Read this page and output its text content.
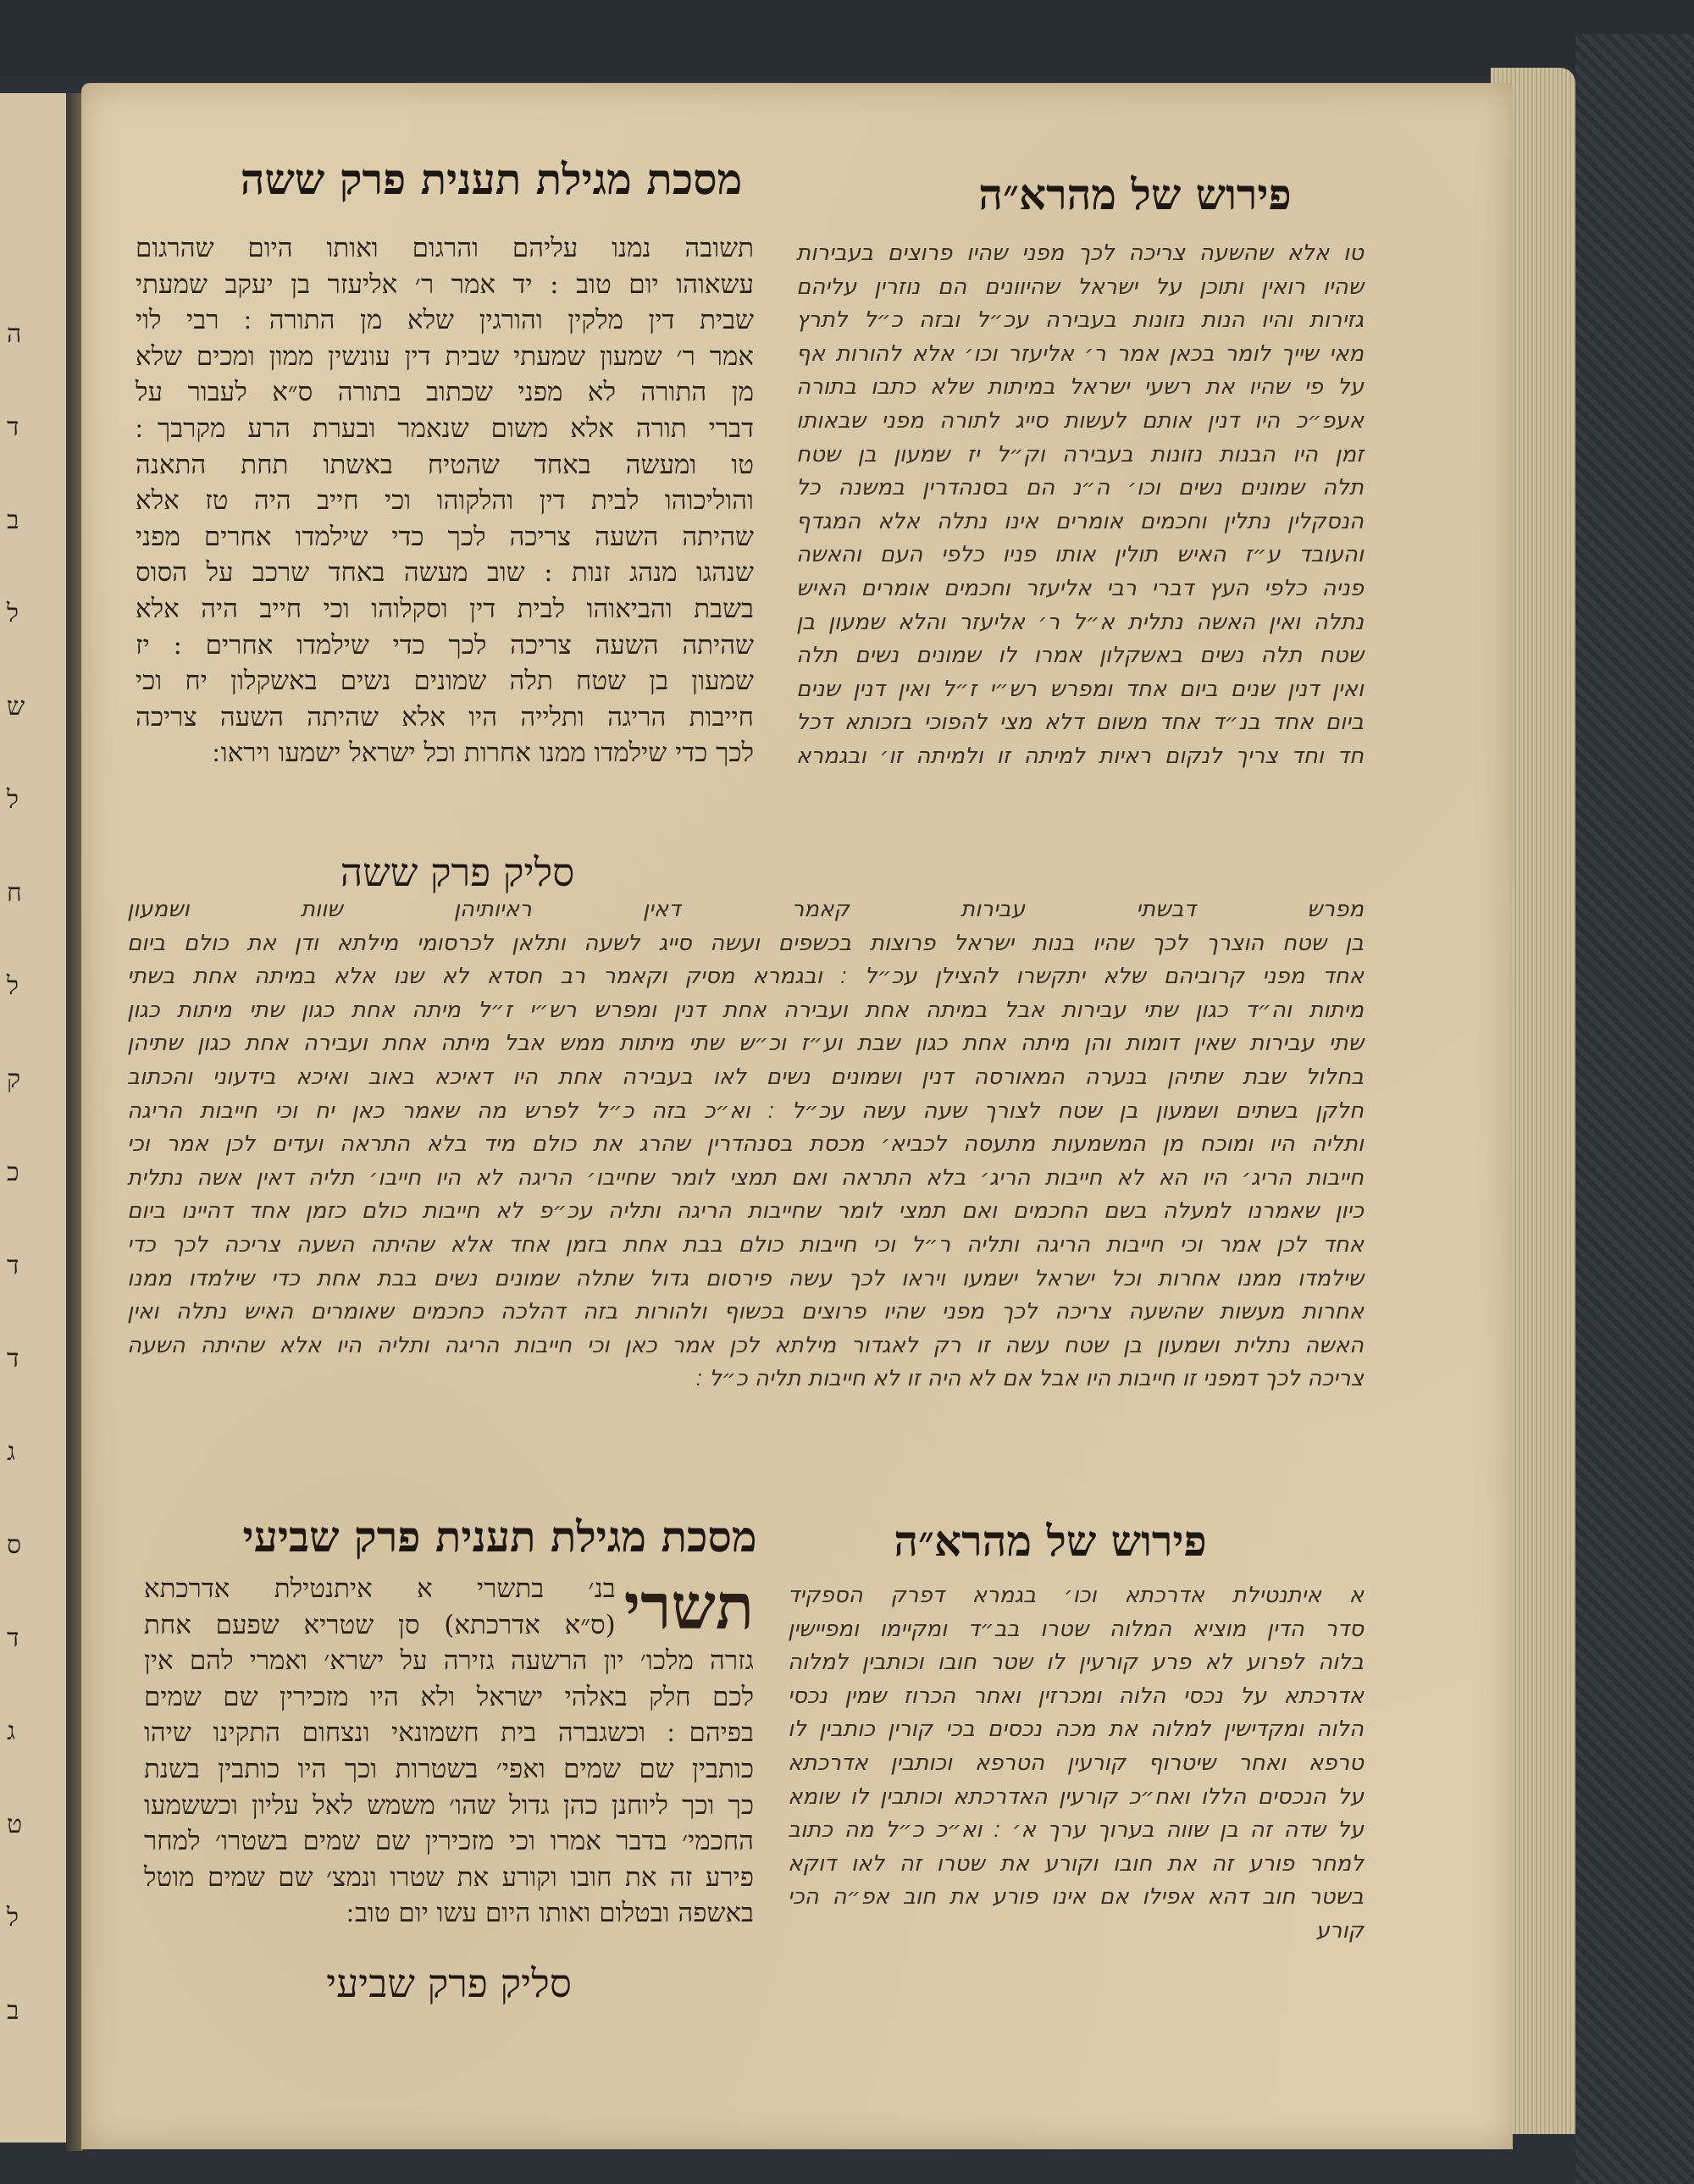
ה
ד
ב
ל
ש
ל
ח
ל
ק
כ
ד
ד
ג
ס
ד
ג
ט
ל
ב
פירוש של מהרא״ה
מסכת מגילת תענית פרק ששה

תשובה נמנו עליהם והרגום ואותו היום שהרגום

עשאוהו יום טוב : יד אמר ר׳ אליעזר בן יעקב שמעתי

שבית דין מלקין והורגין שלא מן התורה ׃ רבי לוי

אמר ר׳ שמעון שמעתי שבית דין עונשין ממון ומכים שלא

מן התורה לא מפני שכתוב בתורה ס״א לעבור על

דברי תורה אלא משום שנאמר ובערת הרע מקרבך ׃

טו ומעשה באחד שהטיח באשתו תחת התאנה

והוליכוהו לבית דין והלקוהו וכי חייב היה טז אלא

שהיתה השעה צריכה לכך כדי שילמדו אחרים מפני

שנהגו מנהג זנות : שוב מעשה באחד שרכב על הסוס

בשבת והביאוהו לבית דין וסקלוהו וכי חייב היה אלא

שהיתה השעה צריכה לכך כדי שילמדו אחרים : יז

שמעון בן שטח תלה שמונים נשים באשקלון יח וכי

חייבות הריגה ותלייה היו אלא שהיתה השעה צריכה

לכך כדי שילמדו ממנו אחרות וכל ישראל ישמעו ויראו ׃

סליק פרק ששה

טו אלא שהשעה צריכה לכך מפני שהיו פרוצים בעבירות

שהיו רואין ותוכן על ישראל שהיוונים הם נוזרין עליהם

גזירות והיו הנות נזונות בעבירה עכ״ל ובזה כ״ל לתרץ

מאי שייך לומר בכאן אמר ר׳ אליעזר וכו׳ אלא להורות אף

על פי שהיו את רשעי ישראל במיתות שלא כתבו בתורה

אעפ״כ היו דנין אותם לעשות סייג לתורה מפני שבאותו

זמן היו הבנות נזונות בעבירה וק״ל יז שמעון בן שטח

תלה שמונים נשים וכו׳ ה״נ הם בסנהדרין במשנה כל

הנסקלין נתלין וחכמים אומרים אינו נתלה אלא המגדף

והעובד ע״ז האיש תולין אותו פניו כלפי העם והאשה

פניה כלפי העץ דברי רבי אליעזר וחכמים אומרים האיש

נתלה ואין האשה נתלית א״ל ר׳ אליעזר והלא שמעון בן

שטח תלה נשים באשקלון אמרו לו שמונים נשים תלה

ואין דנין שנים ביום אחד ומפרש רש״י ז״ל ואין דנין שנים

ביום אחד בנ״ד אחד משום דלא מצי להפוכי בזכותא דכל

חד וחד צריך לנקום ראיות למיתה זו ולמיתה זו׳ ובגמרא

מפרש דבשתי עבירות קאמר דאין ראיותיהן שוות ושמעון

בן שטח הוצרך לכך שהיו בנות ישראל פרוצות בכשפים ועשה סייג לשעה ותלאן לכרסומי מילתא ודן את כולם ביום

אחד מפני קרוביהם שלא יתקשרו להצילן עכ״ל ׃ ובגמרא מסיק וקאמר רב חסדא לא שנו אלא במיתה אחת בשתי

מיתות וה״ד כגון שתי עבירות אבל במיתה אחת ועבירה אחת דנין ומפרש רש״י ז״ל מיתה אחת כגון שתי מיתות כגון

שתי עבירות שאין דומות והן מיתה אחת כגון שבת וע״ז וכ״ש שתי מיתות ממש אבל מיתה אחת ועבירה אחת כגון שתיהן

בחלול שבת שתיהן בנערה המאורסה דנין ושמונים נשים לאו בעבירה אחת היו דאיכא באוב ואיכא בידעוני והכתוב

חלקן בשתים ושמעון בן שטח לצורך שעה עשה עכ״ל ׃ וא״כ בזה כ״ל לפרש מה שאמר כאן יח וכי חייבות הריגה

ותליה היו ומוכח מן המשמעות מתעסה לכביא׳ מכסת בסנהדרין שהרג את כולם מיד בלא התראה ועדים לכן אמר וכי

חייבות הריג׳ היו הא לא חייבות הריג׳ בלא התראה ואם תמצי לומר שחייבו׳ הריגה לא היו חייבו׳ תליה דאין אשה נתלית

כיון שאמרנו למעלה בשם החכמים ואם תמצי לומר שחייבות הריגה ותליה עכ״פ לא חייבות כולם כזמן אחד דהיינו ביום

אחד לכן אמר וכי חייבות הריגה ותליה ר״ל וכי חייבות כולם בבת אחת בזמן אחד אלא שהיתה השעה צריכה לכך כדי

שילמדו ממנו אחרות וכל ישראל ישמעו ויראו לכך עשה פירסום גדול שתלה שמונים נשים בבת אחת כדי שילמדו ממנו

אחרות מעשות שהשעה צריכה לכך מפני שהיו פרוצים בכשוף ולהורות בזה דהלכה כחכמים שאומרים האיש נתלה ואין

האשה נתלית ושמעון בן שטח עשה זו רק לאגדור מילתא לכן אמר כאן וכי חייבות הריגה ותליה היו אלא שהיתה השעה

צריכה לכך דמפני זו חייבות היו אבל אם לא היה זו לא חייבות תליה כ״ל ׃

פירוש של מהרא״ה
מסכת מגילת תענית פרק שביעי
תשרי

בנ׳ בתשרי א איתנטילת אדרכתא

(ס״א אדרכתא) סן שטריא שפעם אחת

גזרה מלכו׳ יון הרשעה גזירה על ישרא׳ ואמרי להם אין

לכם חלק באלהי ישראל ולא היו מזכירין שם שמים

בפיהם ׃ וכשגברה בית חשמונאי ונצחום התקינו שיהו

כותבין שם שמים ואפי׳ בשטרות וכך היו כותבין בשנת

כך וכך ליוחנן כהן גדול שהו׳ משמש לאל עליון וכששמעו

החכמי׳ בדבר אמרו וכי מזכירין שם שמים בשטרו׳ למחר

פירע זה את חובו וקורע את שטרו ונמצ׳ שם שמים מוטל

באשפה ובטלום ואותו היום עשו יום טוב ׃

סליק פרק שביעי

א איתנטילת אדרכתא וכו׳ בגמרא דפרק הספקיד

סדר הדין מוציא המלוה שטרו בב״ד ומקיימו ומפיישין

בלוה לפרוע לא פרע קורעין לו שטר חובו וכותבין למלוה

אדרכתא על נכסי הלוה ומכרזין ואחר הכרוז שמין נכסי

הלוה ומקדישין למלוה את מכה נכסים בכי קורין כותבין לו

טרפא ואחר שיטרוף קורעין הטרפא וכותבין אדרכתא

על הנכסים הללו ואח״כ קורעין האדרכתא וכותבין לו שומא

על שדה זה בן שווה בערוך ערך א׳ ׃ וא״כ כ״ל מה כתוב

למחר פורע זה את חובו וקורע את שטרו זה לאו דוקא

בשטר חוב דהא אפילו אם אינו פורע את חוב אפ״ה הכי

קורע
